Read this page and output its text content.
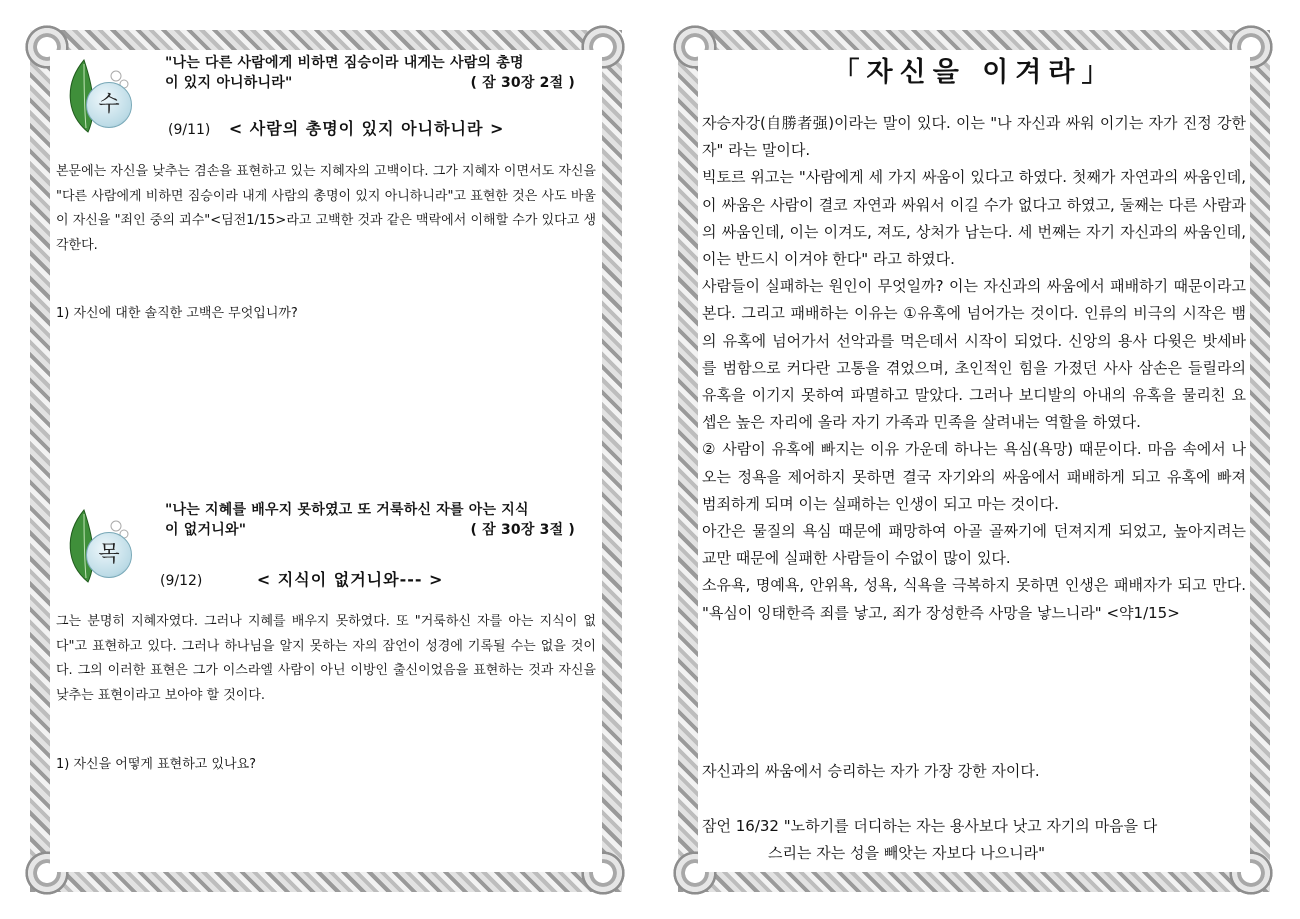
수
"나는 다른 사람에게 비하면 짐승이라 내게는 사람의 총명
이 있지 아니하니라"	( 잠 30장 2절 )
(9/11) < 사람의 총명이 있지 아니하니라 >
본문에는 자신을 낮추는 겸손을 표현하고 있는 지혜자의 고백이다. 그가 지혜자 이면서도 자신을 "다른 사람에게 비하면 짐승이라 내게 사람의 총명이 있지 아니하니라"고 표현한 것은 사도 바울이 자신을 "죄인 중의 괴수"<딤전1/15>라고 고백한 것과 같은 맥락에서 이해할 수가 있다고 생각한다.
1) 자신에 대한 솔직한 고백은 무엇입니까?
목
"나는 지혜를 배우지 못하였고 또 거룩하신 자를 아는 지식
이 없거니와"	( 잠 30장 3절 )
(9/12)	< 지식이 없거니와--- >
그는 분명히 지혜자였다. 그러나 지혜를 배우지 못하였다. 또 "거룩하신 자를 아는 지식이 없다"고 표현하고 있다. 그러나 하나님을 알지 못하는 자의 잠언이 성경에 기록될 수는 없을 것이다. 그의 이러한 표현은 그가 이스라엘 사람이 아닌 이방인 출신이었음을 표현하는 것과 자신을 낮추는 표현이라고 보아야 할 것이다.
1) 자신을 어떻게 표현하고 있나요?
「자신을 이겨라」

자승자강(自勝者强)이라는 말이 있다. 이는 "나 자신과 싸워 이기는 자가 진정 강한 자" 라는 말이다.

빅토르 위고는 "사람에게 세 가지 싸움이 있다고 하였다. 첫째가 자연과의 싸움인데, 이 싸움은 사람이 결코 자연과 싸워서 이길 수가 없다고 하였고, 둘째는 다른 사람과의 싸움인데, 이는 이겨도, 져도, 상처가 남는다. 세 번째는 자기 자신과의 싸움인데, 이는 반드시 이겨야 한다" 라고 하였다.

사람들이 실패하는 원인이 무엇일까? 이는 자신과의 싸움에서 패배하기 때문이라고 본다. 그리고 패배하는 이유는 ①유혹에 넘어가는 것이다. 인류의 비극의 시작은 뱀의 유혹에 넘어가서 선악과를 먹은데서 시작이 되었다. 신앙의 용사 다윗은 밧세바를 범함으로 커다란 고통을 겪었으며, 초인적인 힘을 가졌던 사사 삼손은 들릴라의 유혹을 이기지 못하여 파멸하고 말았다. 그러나 보디발의 아내의 유혹을 물리친 요셉은 높은 자리에 올라 자기 가족과 민족을 살려내는 역할을 하였다.

② 사람이 유혹에 빠지는 이유 가운데 하나는 욕심(욕망) 때문이다. 마음 속에서 나오는 정욕을 제어하지 못하면 결국 자기와의 싸움에서 패배하게 되고 유혹에 빠져 범죄하게 되며 이는 실패하는 인생이 되고 마는 것이다.

아간은 물질의 욕심 때문에 패망하여 아골 골짜기에 던져지게 되었고, 높아지려는 교만 때문에 실패한 사람들이 수없이 많이 있다.

소유욕, 명예욕, 안위욕, 성욕, 식욕을 극복하지 못하면 인생은 패배자가 되고 만다. "욕심이 잉태한즉 죄를 낳고, 죄가 장성한즉 사망을 낳느니라" <약1/15>

자신과의 싸움에서 승리하는 자가 가장 강한 자이다.
잠언 16/32 "노하기를 더디하는 자는 용사보다 낫고 자기의 마음을 다
스리는 자는 성을 빼앗는 자보다 나으니라"
